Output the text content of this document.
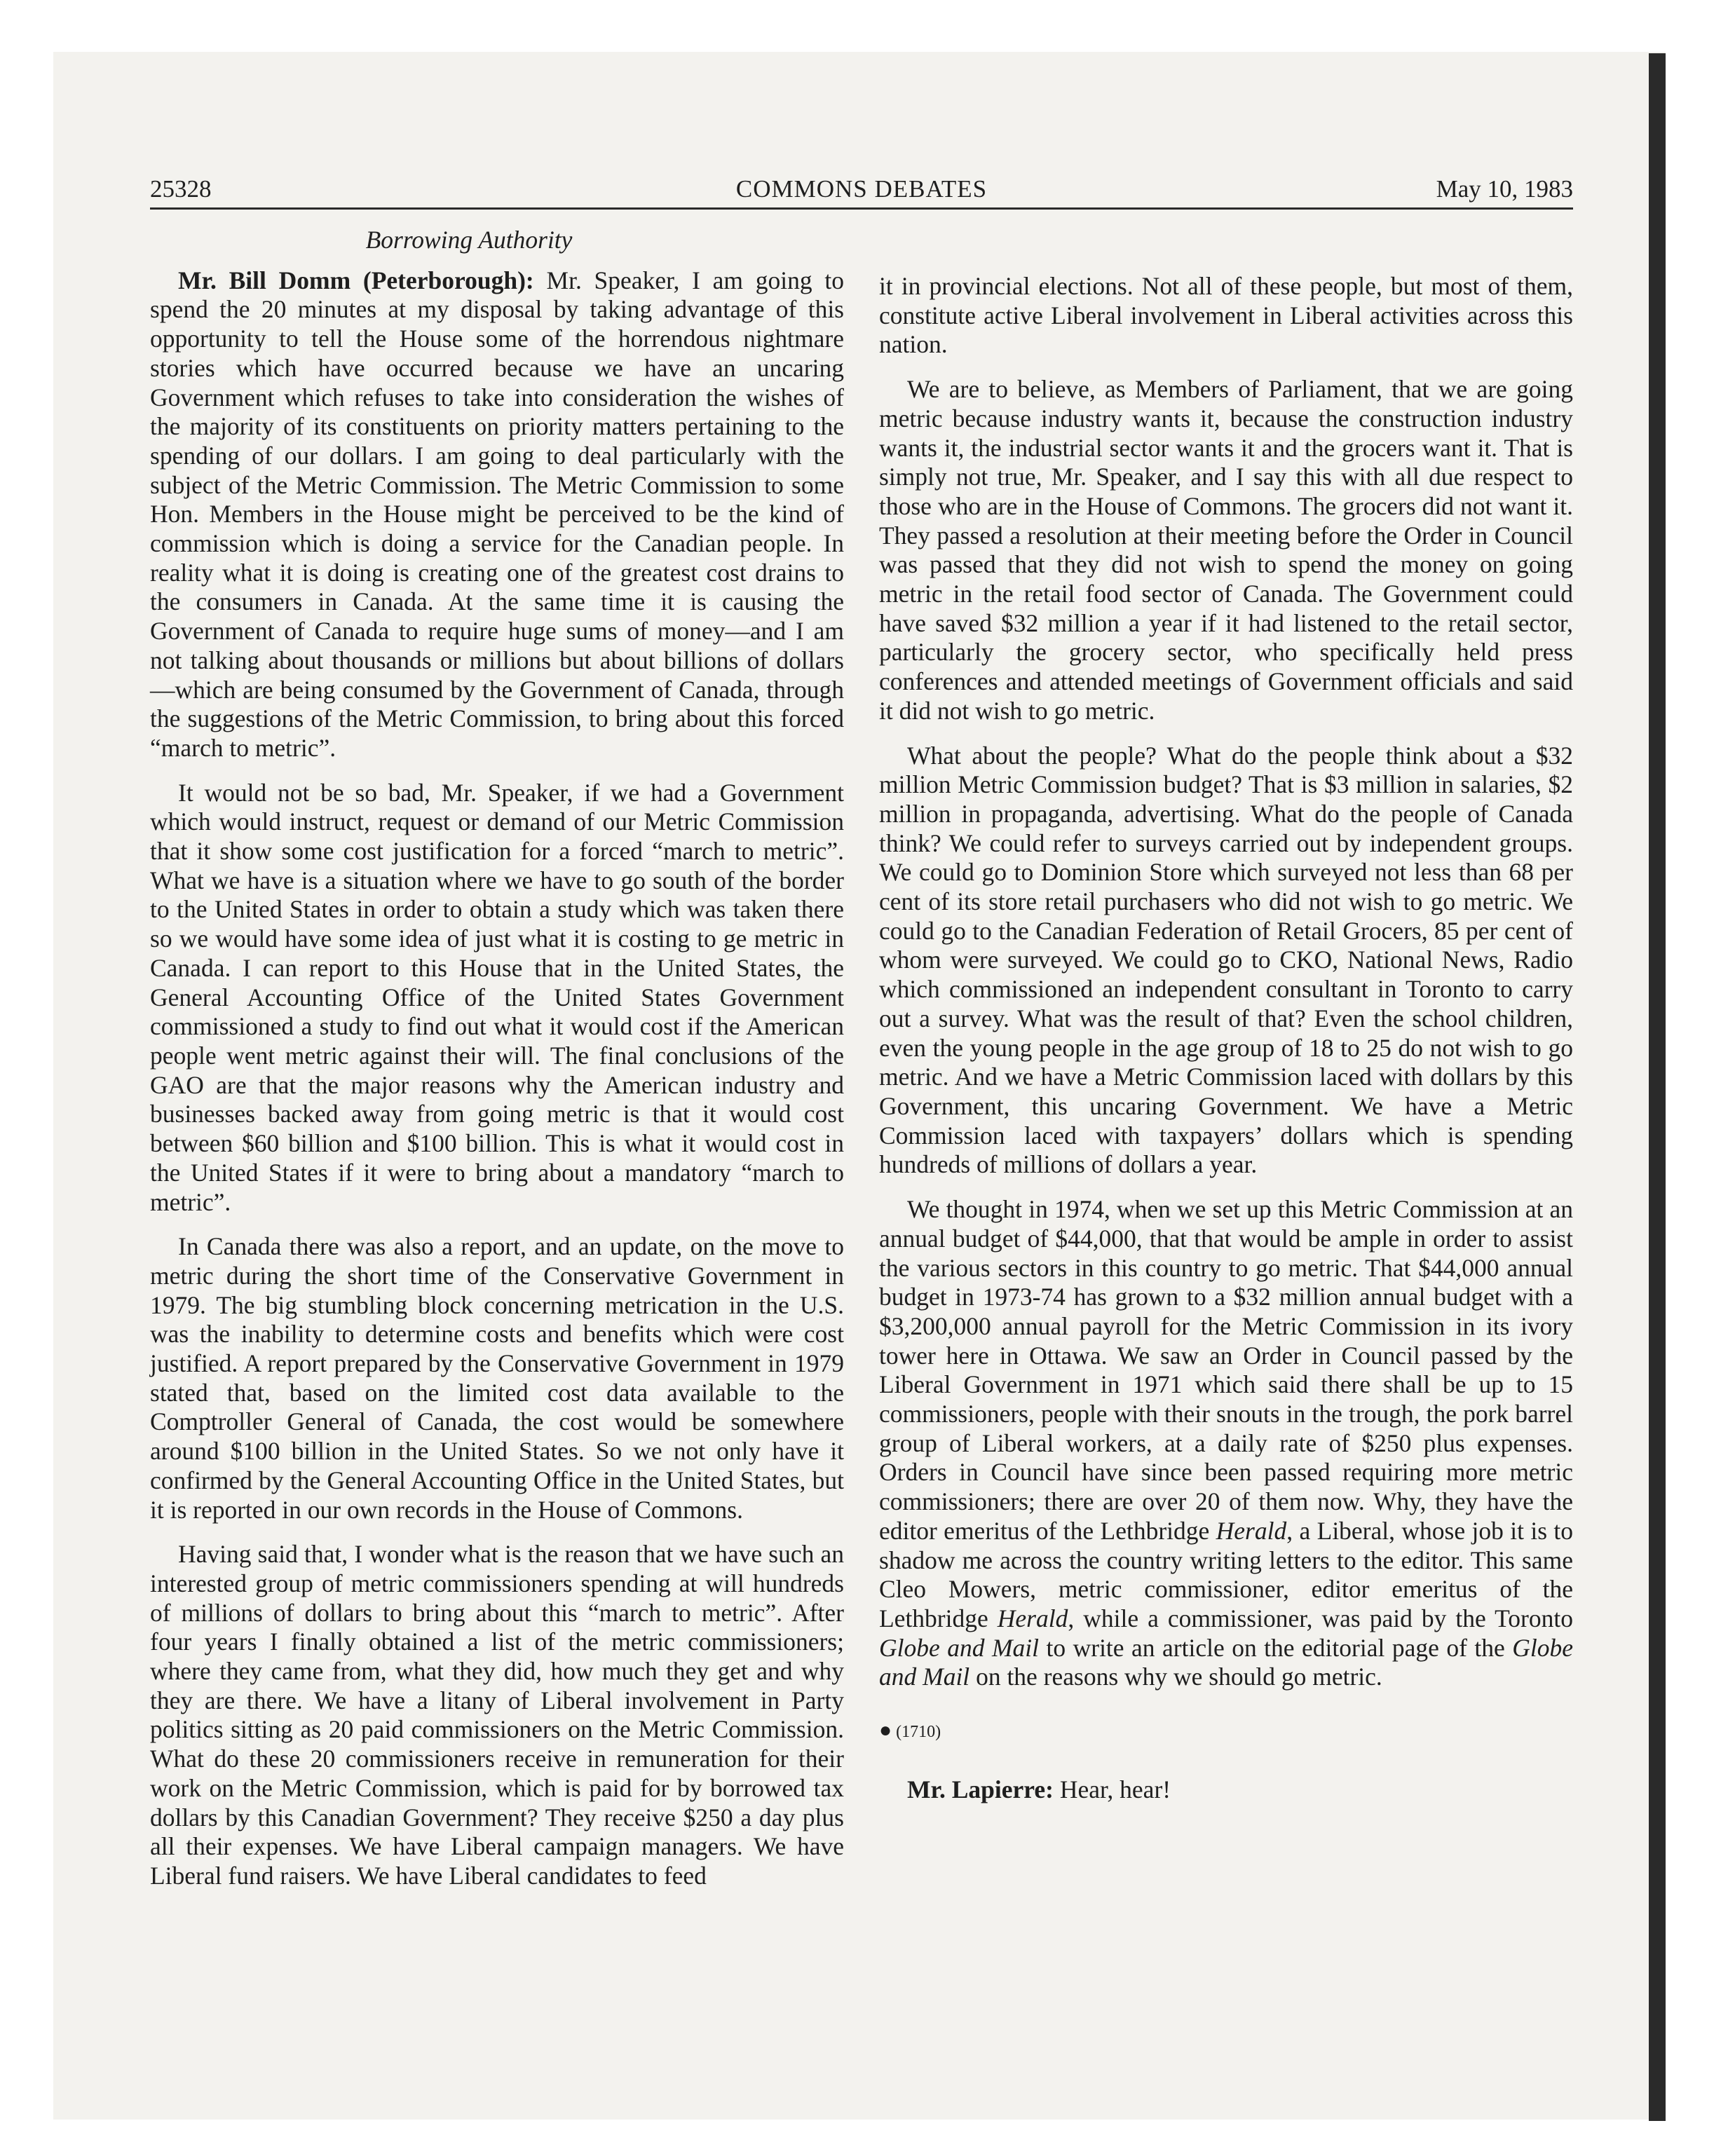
25328	COMMONS DEBATES	May 10, 1983
Borrowing Authority

Mr. Bill Domm (Peterborough): Mr. Speaker, I am going to spend the 20 minutes at my disposal by taking advantage of this opportunity to tell the House some of the horrendous nightmare stories which have occurred because we have an uncaring Government which refuses to take into consideration the wishes of the majority of its constituents on priority matters pertaining to the spending of our dollars. I am going to deal particularly with the subject of the Metric Commission. The Metric Commission to some Hon. Members in the House might be perceived to be the kind of commission which is doing a service for the Canadian people. In reality what it is doing is creating one of the greatest cost drains to the consumers in Canada. At the same time it is causing the Government of Canada to require huge sums of money—and I am not talking about thousands or millions but about billions of dollars—which are being consumed by the Government of Canada, through the suggestions of the Metric Commission, to bring about this forced “march to metric”.

It would not be so bad, Mr. Speaker, if we had a Government which would instruct, request or demand of our Metric Commission that it show some cost justification for a forced “march to metric”. What we have is a situation where we have to go south of the border to the United States in order to obtain a study which was taken there so we would have some idea of just what it is costing to ge metric in Canada. I can report to this House that in the United States, the General Accounting Office of the United States Government commissioned a study to find out what it would cost if the American people went metric against their will. The final conclusions of the GAO are that the major reasons why the American industry and businesses backed away from going metric is that it would cost between $60 billion and $100 billion. This is what it would cost in the United States if it were to bring about a mandatory “march to metric”.

In Canada there was also a report, and an update, on the move to metric during the short time of the Conservative Government in 1979. The big stumbling block concerning metrication in the U.S. was the inability to determine costs and benefits which were cost justified. A report prepared by the Conservative Government in 1979 stated that, based on the limited cost data available to the Comptroller General of Canada, the cost would be somewhere around $100 billion in the United States. So we not only have it confirmed by the General Accounting Office in the United States, but it is reported in our own records in the House of Commons.

Having said that, I wonder what is the reason that we have such an interested group of metric commissioners spending at will hundreds of millions of dollars to bring about this “march to metric”. After four years I finally obtained a list of the metric commissioners; where they came from, what they did, how much they get and why they are there. We have a litany of Liberal involvement in Party politics sitting as 20 paid commissioners on the Metric Commission. What do these 20 commissioners receive in remuneration for their work on the Metric Commission, which is paid for by borrowed tax dollars by this Canadian Government? They receive $250 a day plus all their expenses. We have Liberal campaign managers. We have Liberal fund raisers. We have Liberal candidates to feed

it in provincial elections. Not all of these people, but most of them, constitute active Liberal involvement in Liberal activities across this nation.

We are to believe, as Members of Parliament, that we are going metric because industry wants it, because the construction industry wants it, the industrial sector wants it and the grocers want it. That is simply not true, Mr. Speaker, and I say this with all due respect to those who are in the House of Commons. The grocers did not want it. They passed a resolution at their meeting before the Order in Council was passed that they did not wish to spend the money on going metric in the retail food sector of Canada. The Government could have saved $32 million a year if it had listened to the retail sector, particularly the grocery sector, who specifically held press conferences and attended meetings of Government officials and said it did not wish to go metric.

What about the people? What do the people think about a $32 million Metric Commission budget? That is $3 million in salaries, $2 million in propaganda, advertising. What do the people of Canada think? We could refer to surveys carried out by independent groups. We could go to Dominion Store which surveyed not less than 68 per cent of its store retail purchasers who did not wish to go metric. We could go to the Canadian Federation of Retail Grocers, 85 per cent of whom were surveyed. We could go to CKO, National News, Radio which commissioned an independent consultant in Toronto to carry out a survey. What was the result of that? Even the school children, even the young people in the age group of 18 to 25 do not wish to go metric. And we have a Metric Commission laced with dollars by this Government, this uncaring Government. We have a Metric Commission laced with taxpayers’ dollars which is spending hundreds of millions of dollars a year.

We thought in 1974, when we set up this Metric Commission at an annual budget of $44,000, that that would be ample in order to assist the various sectors in this country to go metric. That $44,000 annual budget in 1973-74 has grown to a $32 million annual budget with a $3,200,000 annual payroll for the Metric Commission in its ivory tower here in Ottawa. We saw an Order in Council passed by the Liberal Government in 1971 which said there shall be up to 15 commissioners, people with their snouts in the trough, the pork barrel group of Liberal workers, at a daily rate of $250 plus expenses. Orders in Council have since been passed requiring more metric commissioners; there are over 20 of them now. Why, they have the editor emeritus of the Lethbridge Herald, a Liberal, whose job it is to shadow me across the country writing letters to the editor. This same Cleo Mowers, metric commissioner, editor emeritus of the Lethbridge Herald, while a commissioner, was paid by the Toronto Globe and Mail to write an article on the editorial page of the Globe and Mail on the reasons why we should go metric.

● (1710)

Mr. Lapierre: Hear, hear!
